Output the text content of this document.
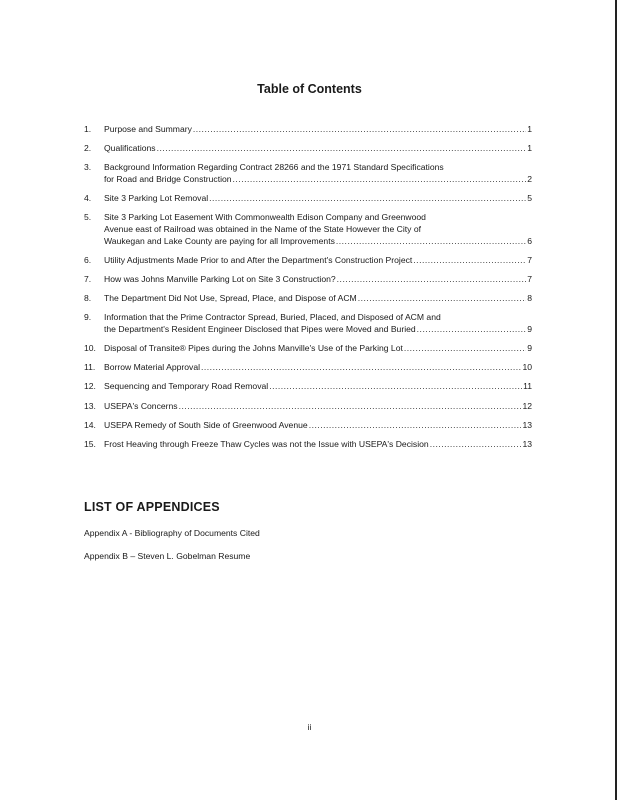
Table of Contents
1.	Purpose and Summary .....	1
2.	Qualifications .....	1
3.	Background Information Regarding Contract 28266 and the 1971 Standard Specifications
for Road and Bridge Construction .....	2
4.	Site 3 Parking Lot Removal .....	5
5.	Site 3 Parking Lot Easement With Commonwealth Edison Company and Greenwood
Avenue east of Railroad was obtained in the Name of the State However the City of
Waukegan and Lake County are paying for all Improvements .....	6
6.	Utility Adjustments Made Prior to and After the Department's Construction Project .....	7
7.	How was Johns Manville Parking Lot on Site 3 Construction? .....	7
8.	The Department Did Not Use, Spread, Place, and Dispose of ACM .....	8
9.	Information that the Prime Contractor Spread, Buried, Placed, and Disposed of ACM and
the Department's Resident Engineer Disclosed that Pipes were Moved and Buried .....	9
10. Disposal of Transite® Pipes during the Johns Manville's Use of the Parking Lot .....	9
11.	Borrow Material Approval .....	10
12. Sequencing and Temporary Road Removal .....	11
13. USEPA's Concerns .....	12
14. USEPA Remedy of South Side of Greenwood Avenue .....	13
15. Frost Heaving through Freeze Thaw Cycles was not the Issue with USEPA's Decision .....	13
LIST OF APPENDICES
Appendix A - Bibliography of Documents Cited
Appendix B – Steven L. Gobelman Resume
ii
